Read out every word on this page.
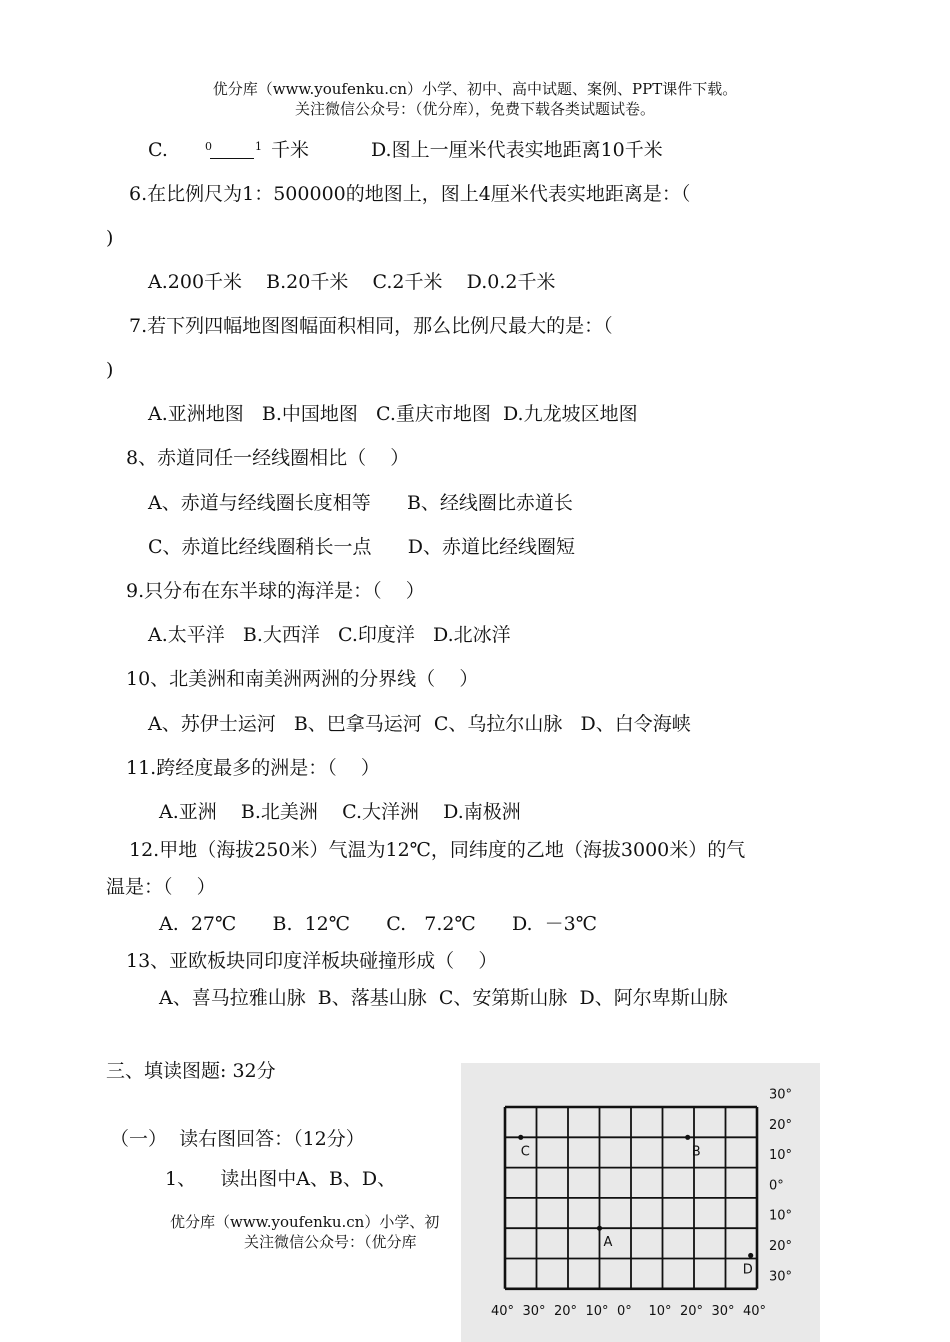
优分库（www.youfenku.cn）小学、初中、高中试题、案例、PPT课件下载。
关注微信公众号：（优分库），免费下载各类试题试卷。
C.	0	1 千米	D.图上一厘米代表实地距离10千米
6.在比例尺为1：500000的地图上，图上4厘米代表实地距离是：（
)
A.200千米    B.20千米    C.2千米    D.0.2千米
7.若下列四幅地图图幅面积相同，那么比例尺最大的是：（
)
A.亚洲地图   B.中国地图   C.重庆市地图  D.九龙坡区地图
8、赤道同任一经线圈相比（    ）
A、赤道与经线圈长度相等      B、经线圈比赤道长
C、赤道比经线圈稍长一点      D、赤道比经线圈短
9.只分布在东半球的海洋是：（    ）
A.太平洋   B.大西洋   C.印度洋   D.北冰洋
10、北美洲和南美洲两洲的分界线（    ）
A、苏伊士运河   B、巴拿马运河  C、乌拉尔山脉   D、白令海峡
11.跨经度最多的洲是：（    ）
A.亚洲    B.北美洲    C.大洋洲    D.南极洲
12.甲地（海拔250米）气温为12℃，同纬度的乙地（海拔3000米）的气
温是：（    ）
A.  27℃      B.  12℃      C.   7.2℃      D.  －3℃
13、亚欧板块同印度洋板块碰撞形成（    ）
A、喜马拉雅山脉  B、落基山脉  C、安第斯山脉  D、阿尔卑斯山脉
三、填读图题: 32分
（一）  读右图回答：（12分）
1、    读出图中A、B、D、
优分库（www.youfenku.cn）小学、初
关注微信公众号：（优分库
30°
20°
10°
0°
10°
20°
30°
40° 30° 20° 10° 0° 10° 20° 30° 40°
C	B
A
D
